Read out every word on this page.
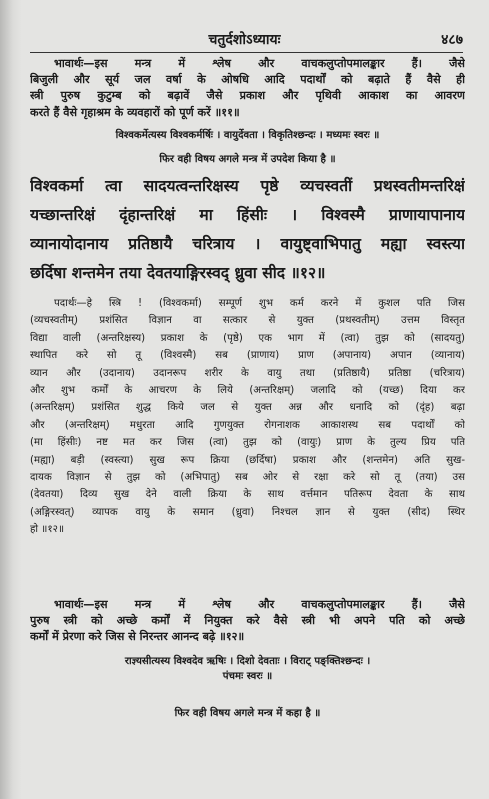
चतुर्दशोऽध्यायः	४८७
भावार्थः—इस मन्त्र में श्लेष और वाचकलुप्तोपमालङ्कार हैं। जैसे
बिजुली और सूर्य जल वर्षा के ओषधि आदि पदार्थों को बढ़ाते हैं वैसे ही
स्त्री पुरुष कुटुम्ब को बढ़ावें जैसे प्रकाश और पृथिवी आकाश का आवरण
करते हैं वैसे गृहाश्रम के व्यवहारों को पूर्ण करें ॥११॥
विश्वकर्मेत्यस्य विश्वकर्मर्षिः । वायुर्देवता । विकृतिश्छन्दः । मध्यमः स्वरः ॥
फिर वही विषय अगले मन्त्र में उपदेश किया है ॥
विश्वकर्मा त्वा सादयत्वन्तरिक्षस्य पृष्ठे व्यचस्वतीं प्रथस्वतीमन्तरिक्षं
यच्छान्तरिक्षं दृंहान्तरिक्षं मा हिंसीः । विश्वस्मै प्राणायापानाय
व्यानायोदानाय प्रतिष्ठायै चरित्राय । वायुष्ट्वाभिपातु मह्या स्वस्त्या
छर्दिषा शन्तमेन तया देवतयाङ्गिरस्वद् ध्रुवा सीद ॥१२॥
पदार्थः—हे स्त्रि ! (विश्वकर्मा) सम्पूर्ण शुभ कर्म करने में कुशल पति जिस
(व्यचस्वतीम्) प्रशंसित विज्ञान वा सत्कार से युक्त (प्रथस्वतीम्) उत्तम विस्तृत
विद्या वाली (अन्तरिक्षस्य) प्रकाश के (पृष्ठे) एक भाग में (त्वा) तुझ को (सादयतु)
स्थापित करे सो तू (विश्वस्मै) सब (प्राणाय) प्राण (अपानाय) अपान (व्यानाय)
व्यान और (उदानाय) उदानरूप शरीर के वायु तथा (प्रतिष्ठायै) प्रतिष्ठा (चरित्राय)
और शुभ कर्मों के आचरण के लिये (अन्तरिक्षम्) जलादि को (यच्छ) दिया कर
(अन्तरिक्षम्) प्रशंसित शुद्ध किये जल से युक्त अन्न और धनादि को (दृंह) बढ़ा
और (अन्तरिक्षम्) मधुरता आदि गुणयुक्त रोगनाशक आकाशस्थ सब पदार्थों को
(मा हिंसीः) नष्ट मत कर जिस (त्वा) तुझ को (वायुः) प्राण के तुल्य प्रिय पति
(मह्या) बड़ी (स्वस्त्या) सुख रूप क्रिया (छर्दिषा) प्रकाश और (शन्तमेन) अति सुख-
दायक विज्ञान से तुझ को (अभिपातु) सब ओर से रक्षा करे सो तू (तया) उस
(देवतया) दिव्य सुख देने वाली क्रिया के साथ वर्त्तमान पतिरूप देवता के साथ
(अङ्गिरस्वत्) व्यापक वायु के समान (ध्रुवा) निश्चल ज्ञान से युक्त (सीद) स्थिर
हो ॥१२॥
भावार्थः—इस मन्त्र में श्लेष और वाचकलुप्तोपमालङ्कार हैं। जैसे
पुरुष स्त्री को अच्छे कर्मों में नियुक्त करे वैसे स्त्री भी अपने पति को अच्छे
कर्मों में प्रेरणा करे जिस से निरन्तर आनन्द बढ़े ॥१२॥
राज्ञ्यसीत्यस्य विश्वदेव ऋषिः । दिशो देवताः । विराट् पङ्क्तिश्छन्दः ।
पंचमः स्वरः ॥
फिर वही विषय अगले मन्त्र में कहा है ॥
